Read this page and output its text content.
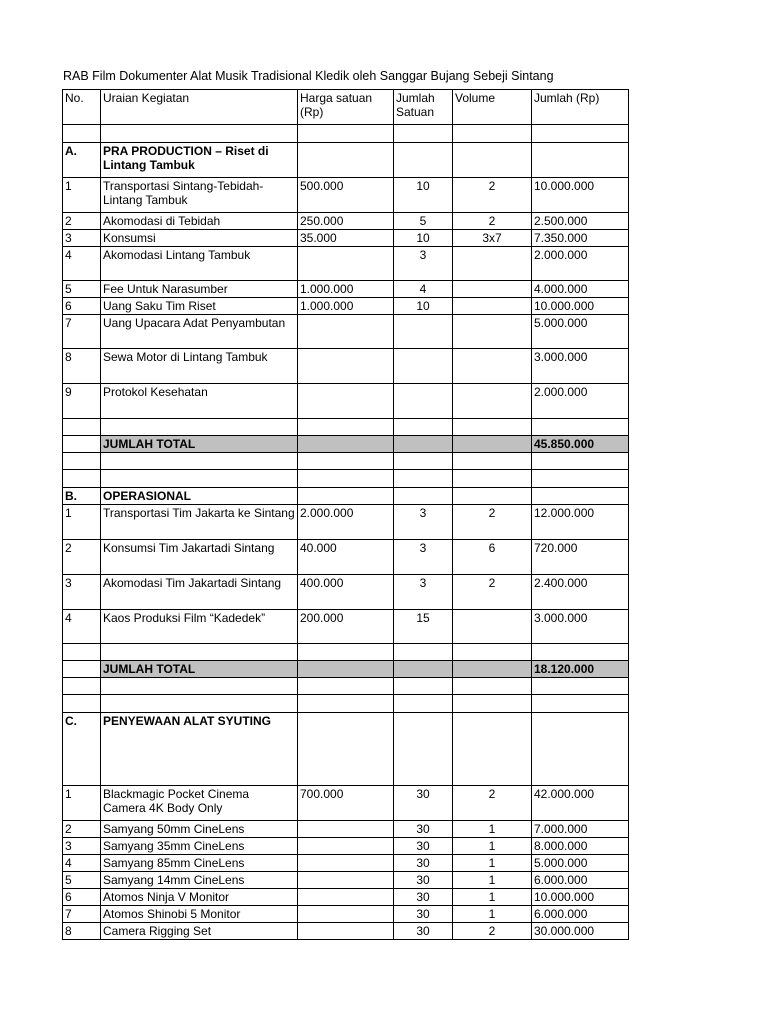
RAB Film Dokumenter Alat Musik Tradisional Kledik oleh Sanggar Bujang Sebeji Sintang
No.	Uraian Kegiatan	Harga satuan (Rp)	Jumlah Satuan	Volume	Jumlah (Rp)

A.	PRA PRODUCTION – Riset di Lintang Tambuk				
1	Transportasi Sintang-Tebidah-Lintang Tambuk	500.000	10	2	10.000.000
2	Akomodasi di Tebidah	250.000	5	2	2.500.000
3	Konsumsi	35.000	10	3x7	7.350.000
4	Akomodasi Lintang Tambuk		3		2.000.000
5	Fee Untuk Narasumber	1.000.000	4		4.000.000
6	Uang Saku Tim Riset	1.000.000	10		10.000.000
7	Uang Upacara Adat Penyambutan				5.000.000
8	Sewa Motor di Lintang Tambuk				3.000.000
9	Protokol Kesehatan				2.000.000

	JUMLAH TOTAL				45.850.000

B.	OPERASIONAL				
1	Transportasi Tim Jakarta ke Sintang	2.000.000	3	2	12.000.000
2	Konsumsi Tim Jakartadi Sintang	40.000	3	6	720.000
3	Akomodasi Tim Jakartadi Sintang	400.000	3	2	2.400.000
4	Kaos Produksi Film “Kadedek”	200.000	15		3.000.000

	JUMLAH TOTAL				18.120.000

C.	PENYEWAAN ALAT SYUTING				
1	Blackmagic Pocket Cinema Camera 4K Body Only	700.000	30	2	42.000.000
2	Samyang 50mm CineLens		30	1	7.000.000
3	Samyang 35mm CineLens		30	1	8.000.000
4	Samyang 85mm CineLens		30	1	5.000.000
5	Samyang 14mm CineLens		30	1	6.000.000
6	Atomos Ninja V Monitor		30	1	10.000.000
7	Atomos Shinobi 5 Monitor		30	1	6.000.000
8	Camera Rigging Set		30	2	30.000.000
